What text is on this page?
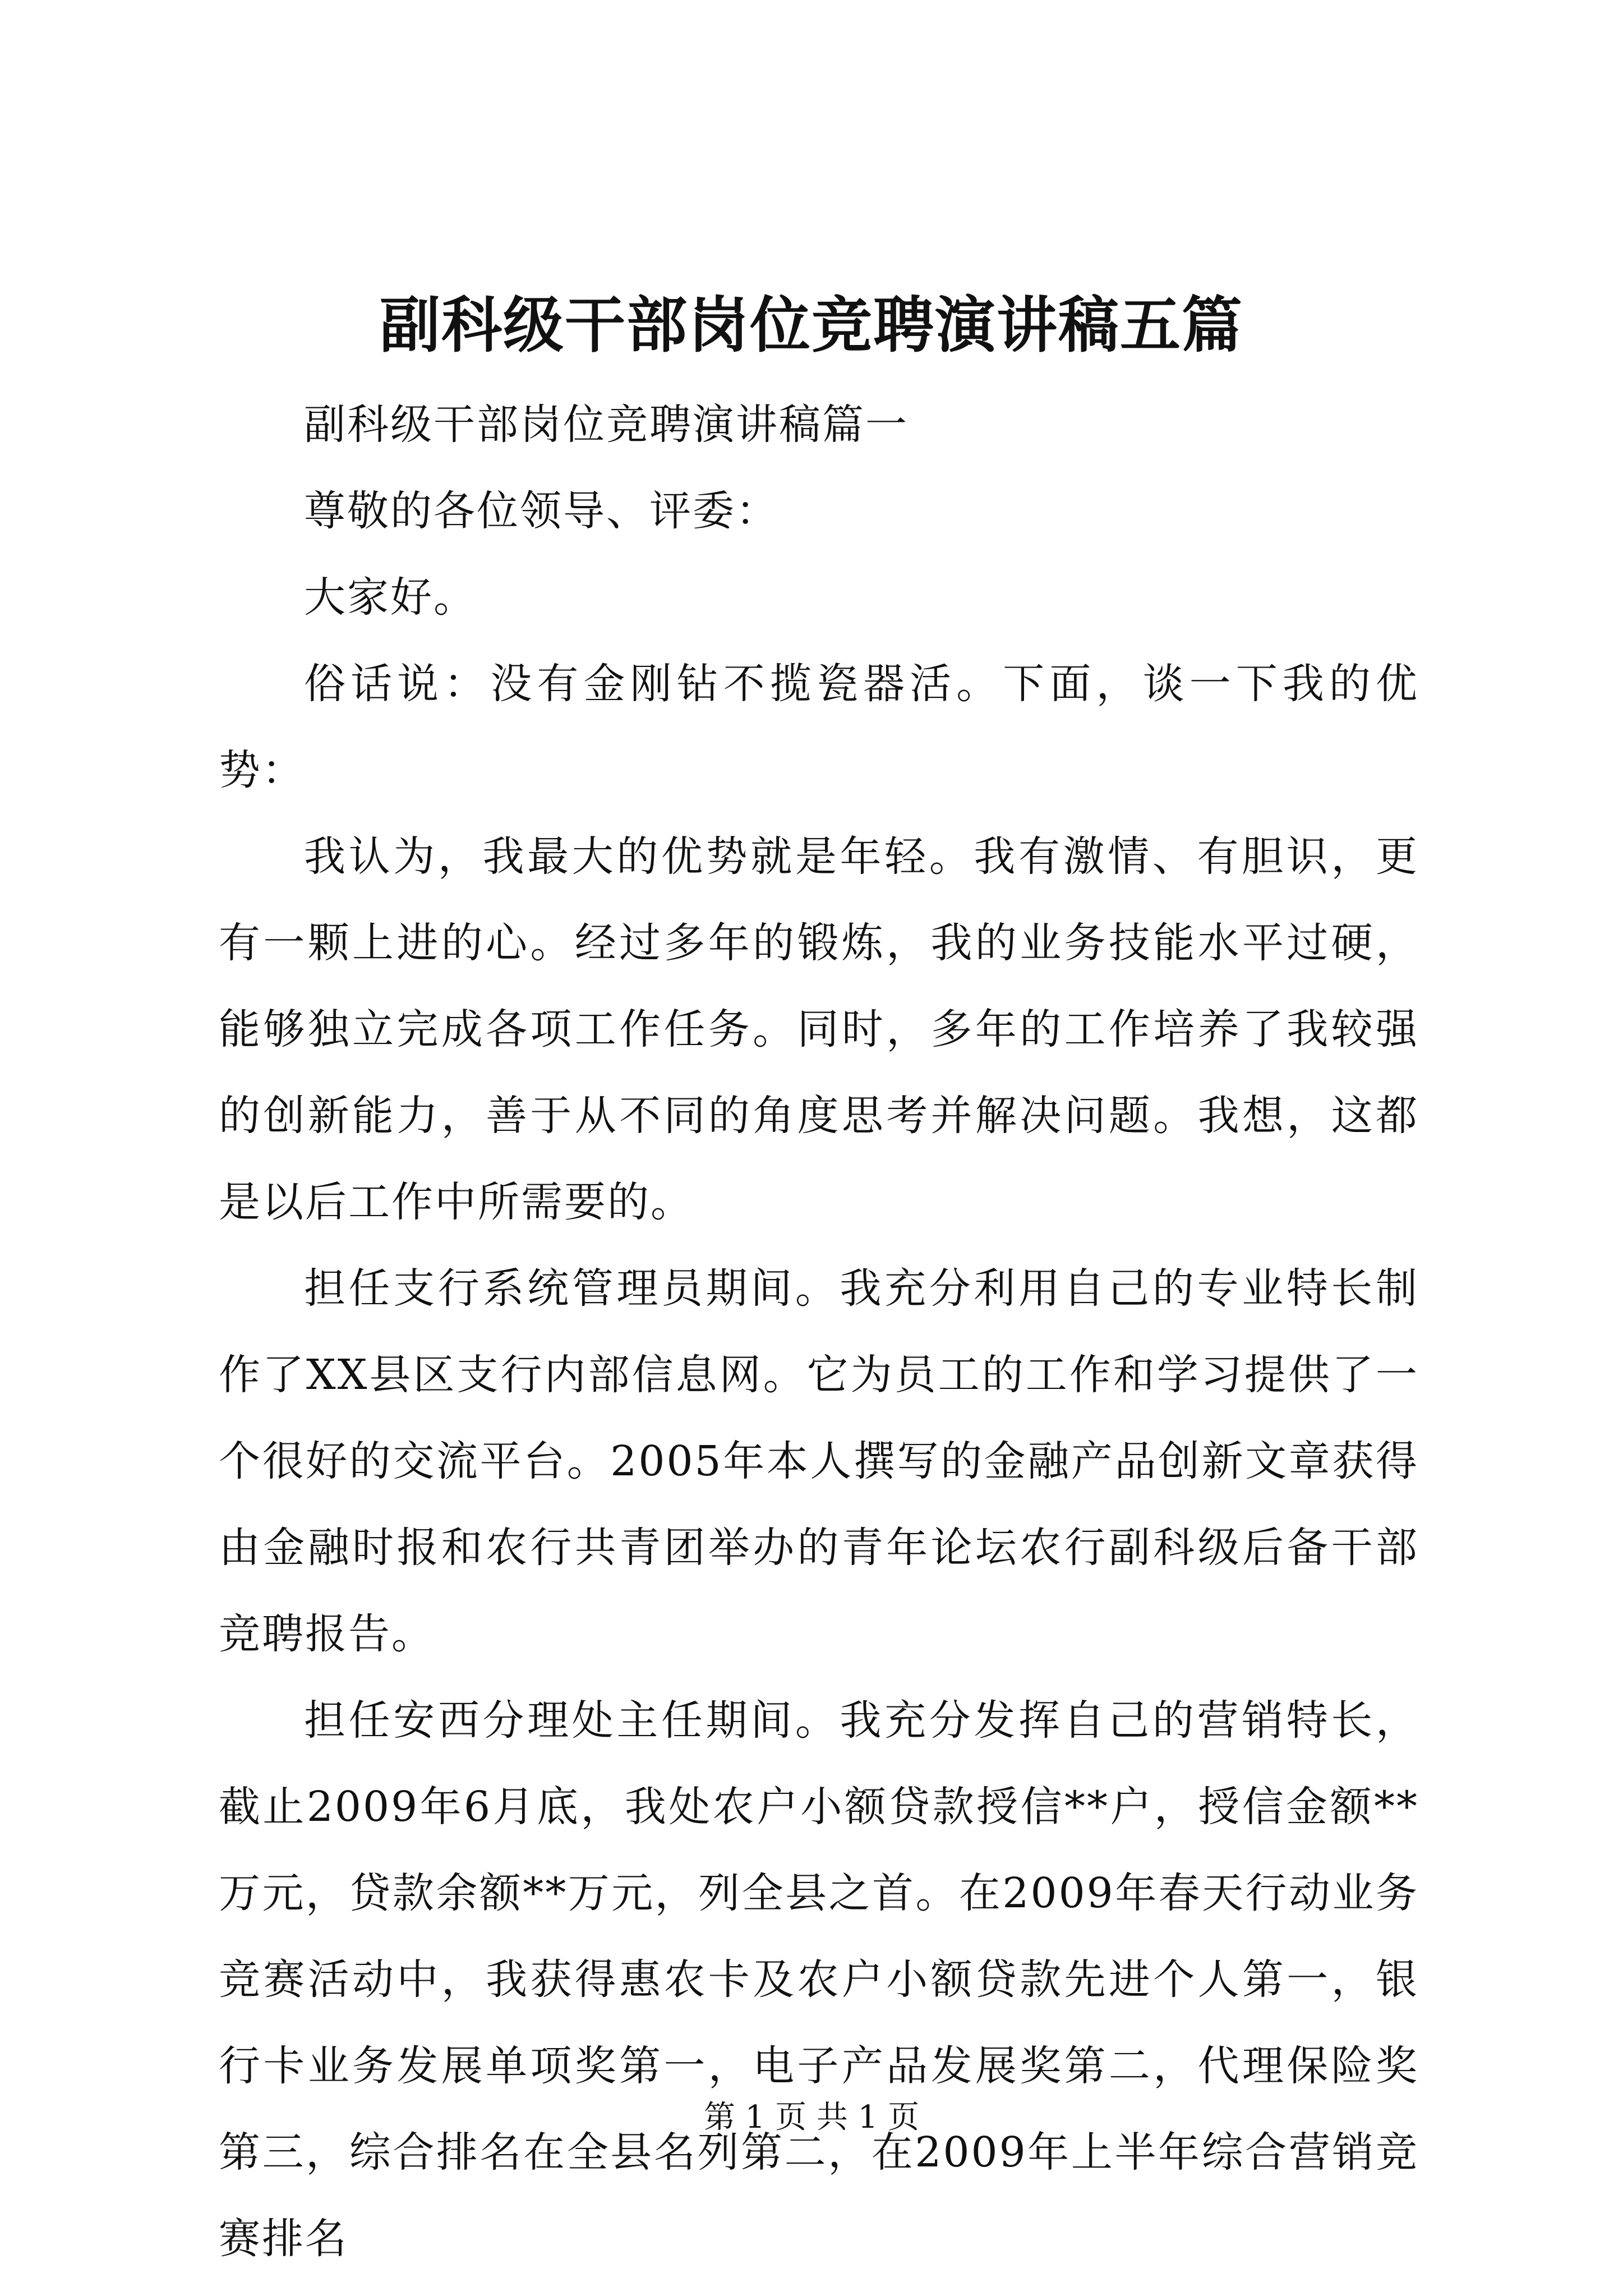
副科级干部岗位竞聘演讲稿五篇

副科级干部岗位竞聘演讲稿篇一

尊敬的各位领导、评委：

大家好。

俗话说：没有金刚钻不揽瓷器活。下面，谈一下我的优势：

我认为，我最大的优势就是年轻。我有激情、有胆识，更有一颗上进的心。经过多年的锻炼，我的业务技能水平过硬，能够独立完成各项工作任务。同时，多年的工作培养了我较强的创新能力，善于从不同的角度思考并解决问题。我想，这都是以后工作中所需要的。

担任支行系统管理员期间。我充分利用自己的专业特长制作了XX县区支行内部信息网。它为员工的工作和学习提供了一个很好的交流平台。2005年本人撰写的金融产品创新文章获得由金融时报和农行共青团举办的青年论坛农行副科级后备干部竞聘报告。

担任安西分理处主任期间。我充分发挥自己的营销特长，截止2009年6月底，我处农户小额贷款授信**户，授信金额**万元，贷款余额**万元，列全县之首。在2009年春天行动业务竞赛活动中，我获得惠农卡及农户小额贷款先进个人第一，银行卡业务发展单项奖第一，电子产品发展奖第二，代理保险奖第三，综合排名在全县名列第二，在2009年上半年综合营销竞赛排名

第 1 页 共 1 页
